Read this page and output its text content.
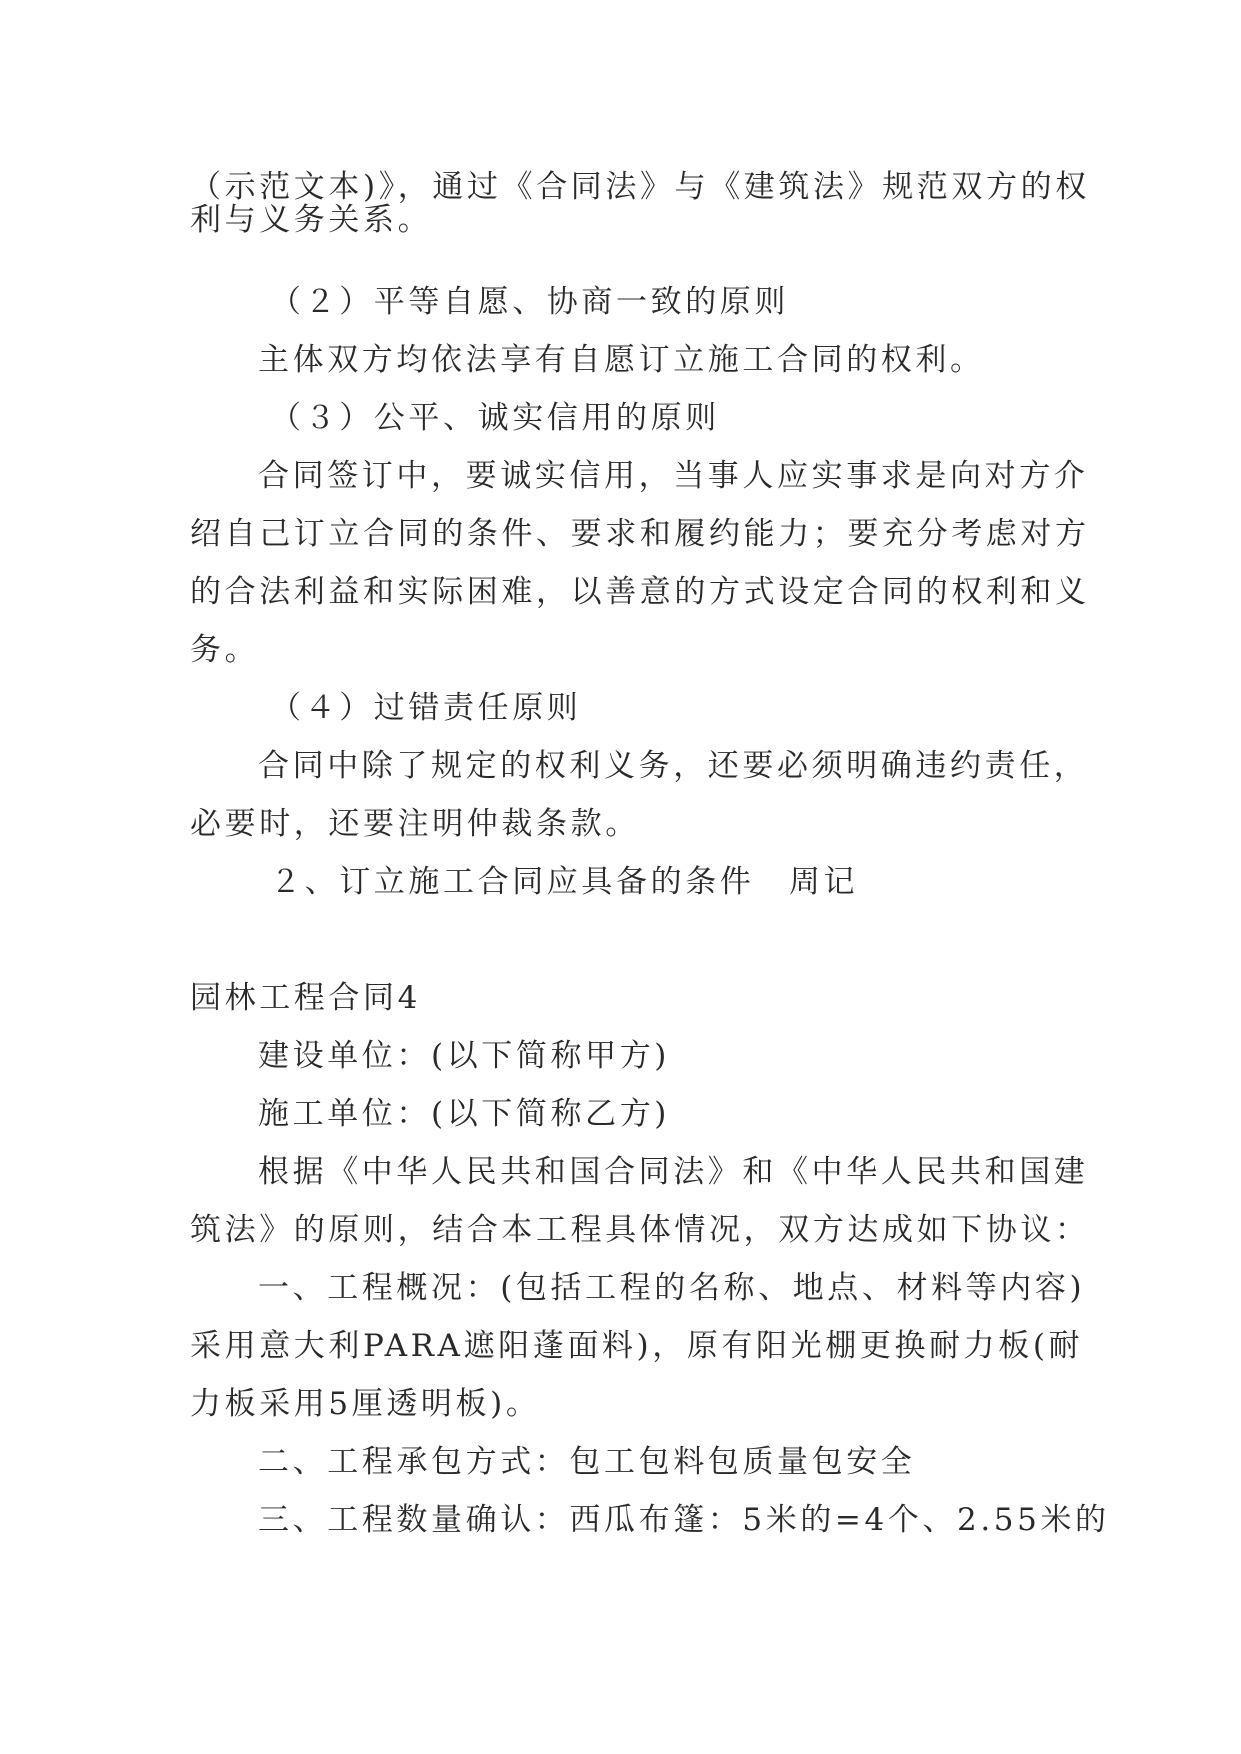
（示范文本)》，通过《合同法》与《建筑法》规范双方的权
利与义务关系。
（２）平等自愿、协商一致的原则
主体双方均依法享有自愿订立施工合同的权利。
（３）公平、诚实信用的原则
合同签订中，要诚实信用，当事人应实事求是向对方介
绍自己订立合同的条件、要求和履约能力；要充分考虑对方
的合法利益和实际困难，以善意的方式设定合同的权利和义
务。
（４）过错责任原则
合同中除了规定的权利义务，还要必须明确违约责任，
必要时，还要注明仲裁条款。
２、订立施工合同应具备的条件　周记
园林工程合同4
建设单位：(以下简称甲方)
施工单位：(以下简称乙方)
根据《中华人民共和国合同法》和《中华人民共和国建
筑法》的原则，结合本工程具体情况，双方达成如下协议：
一、工程概况：(包括工程的名称、地点、材料等内容)
采用意大利PARA遮阳蓬面料)，原有阳光棚更换耐力板(耐
力板采用5厘透明板)。
二、工程承包方式：包工包料包质量包安全
三、工程数量确认：西瓜布篷：5米的=4个、2.55米的
